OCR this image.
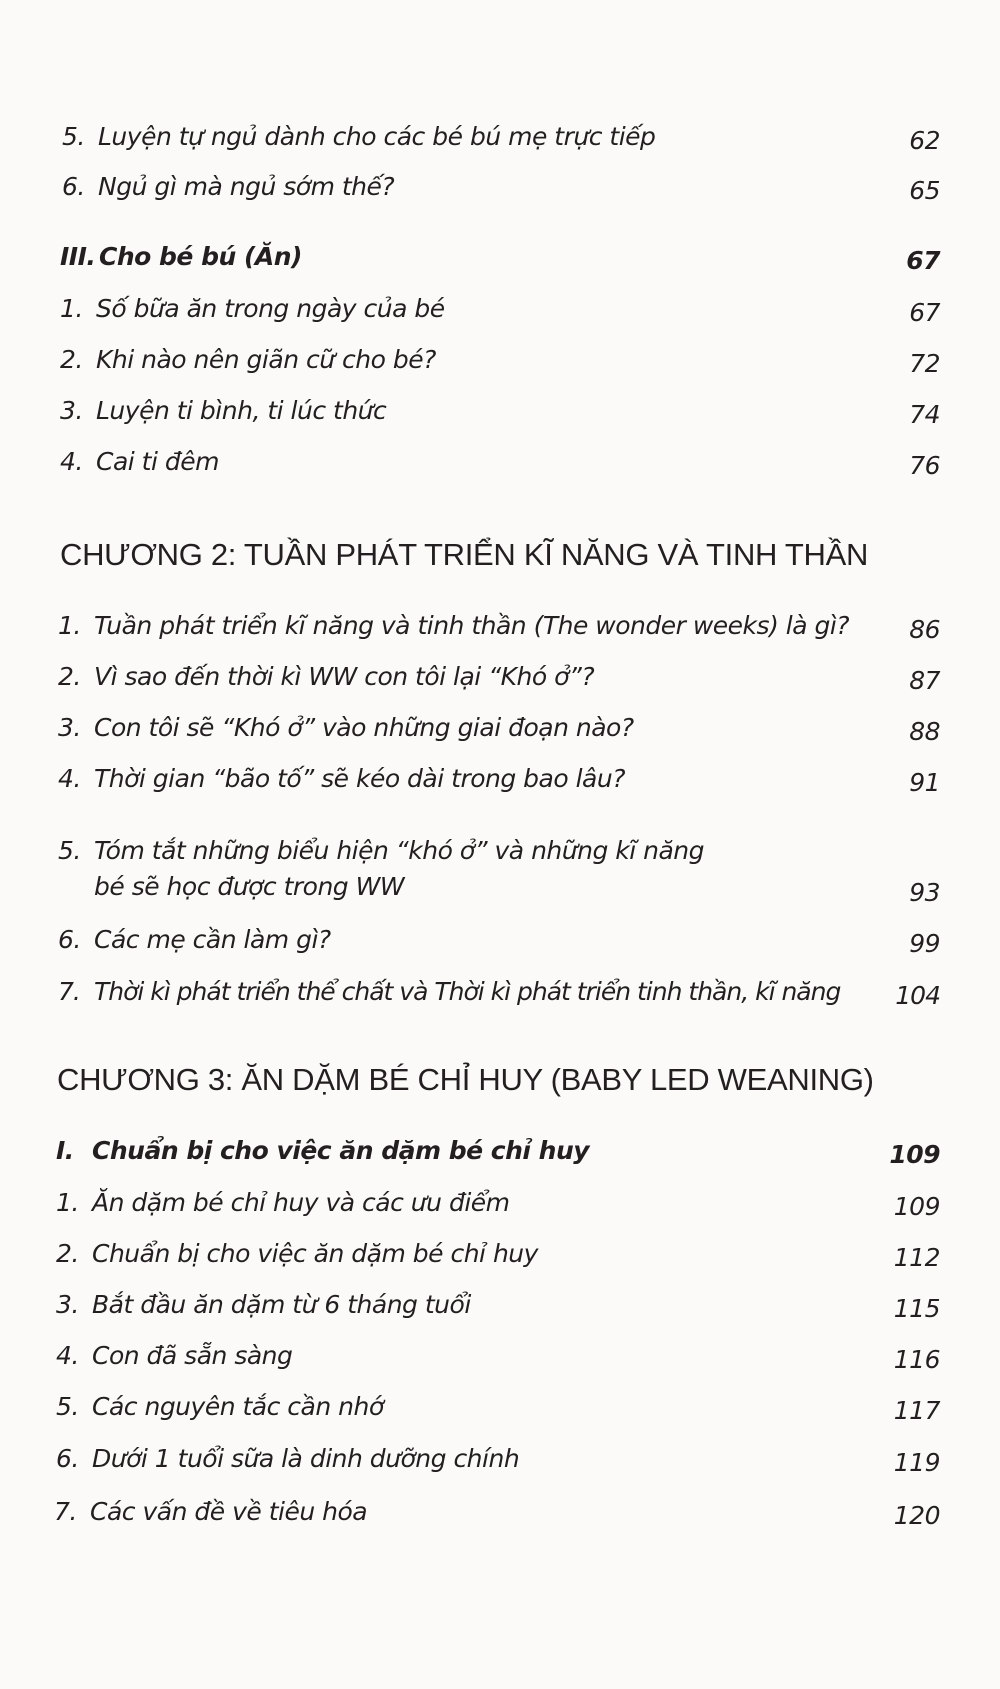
5. Luyện tự ngủ dành cho các bé bú mẹ trực tiếp	62
6. Ngủ gì mà ngủ sớm thế?	65
III. Cho bé bú (Ăn)	67
1. Số bữa ăn trong ngày của bé	67
2. Khi nào nên giãn cữ cho bé?	72
3. Luyện ti bình, ti lúc thức	74
4. Cai ti đêm	76
CHƯƠNG 2: TUẦN PHÁT TRIỂN KĨ NĂNG VÀ TINH THẦN
1. Tuần phát triển kĩ năng và tinh thần (The wonder weeks) là gì? 86
2. Vì sao đến thời kì WW con tôi lại “Khó ở”?	87
3. Con tôi sẽ “Khó ở” vào những giai đoạn nào?	88
4. Thời gian “bão tố” sẽ kéo dài trong bao lâu?	91
5. Tóm tắt những biểu hiện “khó ở” và những kĩ năng
bé sẽ học được trong WW	93
6. Các mẹ cần làm gì?	99
7. Thời kì phát triển thể chất và Thời kì phát triển tinh thần, kĩ năng 104
CHƯƠNG 3: ĂN DẶM BÉ CHỈ HUY (BABY LED WEANING)
I. Chuẩn bị cho việc ăn dặm bé chỉ huy	109
1. Ăn dặm bé chỉ huy và các ưu điểm	109
2. Chuẩn bị cho việc ăn dặm bé chỉ huy	112
3. Bắt đầu ăn dặm từ 6 tháng tuổi	115
4. Con đã sẵn sàng	116
5. Các nguyên tắc cần nhớ	117
6. Dưới 1 tuổi sữa là dinh dưỡng chính	119
7. Các vấn đề về tiêu hóa	120
